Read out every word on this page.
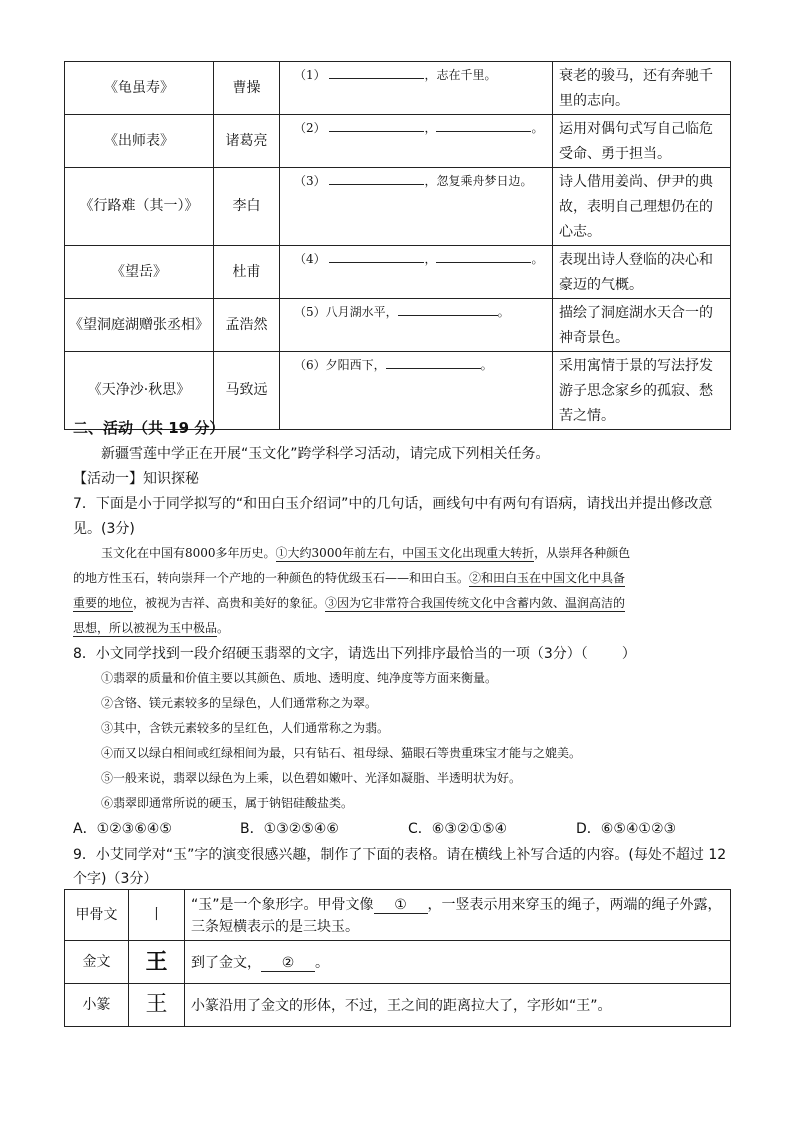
《龟虽寿》	曹操	（1） ，志在千里。	衰老的骏马，还有奔驰千里的志向。
《出师表》	诸葛亮	（2） ， 。	运用对偶句式写自己临危受命、勇于担当。
《行路难（其一）》	李白	（3） ，忽复乘舟梦日边。	诗人借用姜尚、伊尹的典故，表明自己理想仍在的心志。
《望岳》	杜甫	（4） ， 。	表现出诗人登临的决心和豪迈的气概。
《望洞庭湖赠张丞相》	孟浩然	（5）八月湖水平， 。	描绘了洞庭湖水天合一的神奇景色。
《天净沙·秋思》	马致远	（6）夕阳西下， 。	采用寓情于景的写法抒发游子思念家乡的孤寂、愁苦之情。
二、活动（共 19 分）
新疆雪莲中学正在开展“玉文化”跨学科学习活动，请完成下列相关任务。
【活动一】知识探秘
7．下面是小于同学拟写的“和田白玉介绍词”中的几句话，画线句中有两句有语病，请找出并提出修改意
见。(3分)
玉文化在中国有8000多年历史。①大约3000年前左右，中国玉文化出现重大转折，从崇拜各种颜色
的地方性玉石，转向崇拜一个产地的一种颜色的特优级玉石——和田白玉。②和田白玉在中国文化中具备
重要的地位，被视为吉祥、高贵和美好的象征。③因为它非常符合我国传统文化中含蓄内敛、温润高洁的
思想，所以被视为玉中极品。
8．小文同学找到一段介绍硬玉翡翠的文字，请选出下列排序最恰当的一项（3分）（ ）
①翡翠的质量和价值主要以其颜色、质地、透明度、纯净度等方面来衡量。
②含铬、镁元素较多的呈绿色，人们通常称之为翠。
③其中，含铁元素较多的呈红色，人们通常称之为翡。
④而又以绿白相间或红绿相间为最，只有钻石、祖母绿、猫眼石等贵重珠宝才能与之媲美。
⑤一般来说，翡翠以绿色为上乘，以色碧如嫩叶、光泽如凝脂、半透明状为好。
⑥翡翠即通常所说的硬玉，属于钠铝硅酸盐类。
A．①②③⑥④⑤	B．①③②⑤④⑥	C．⑥③②①⑤④	D．⑥⑤④①②③
9．小艾同学对“玉”字的演变很感兴趣，制作了下面的表格。请在横线上补写合适的内容。(每处不超过 12
个字)（3分）
甲骨文	丨	“玉”是一个象形字。甲骨文像 ① ，一竖表示用来穿玉的绳子，两端的绳子外露，
三条短横表示的是三块玉。
金文	王	到了金文， ② 。
小篆	王	小篆沿用了金文的形体，不过，王之间的距离拉大了，字形如“王”。
